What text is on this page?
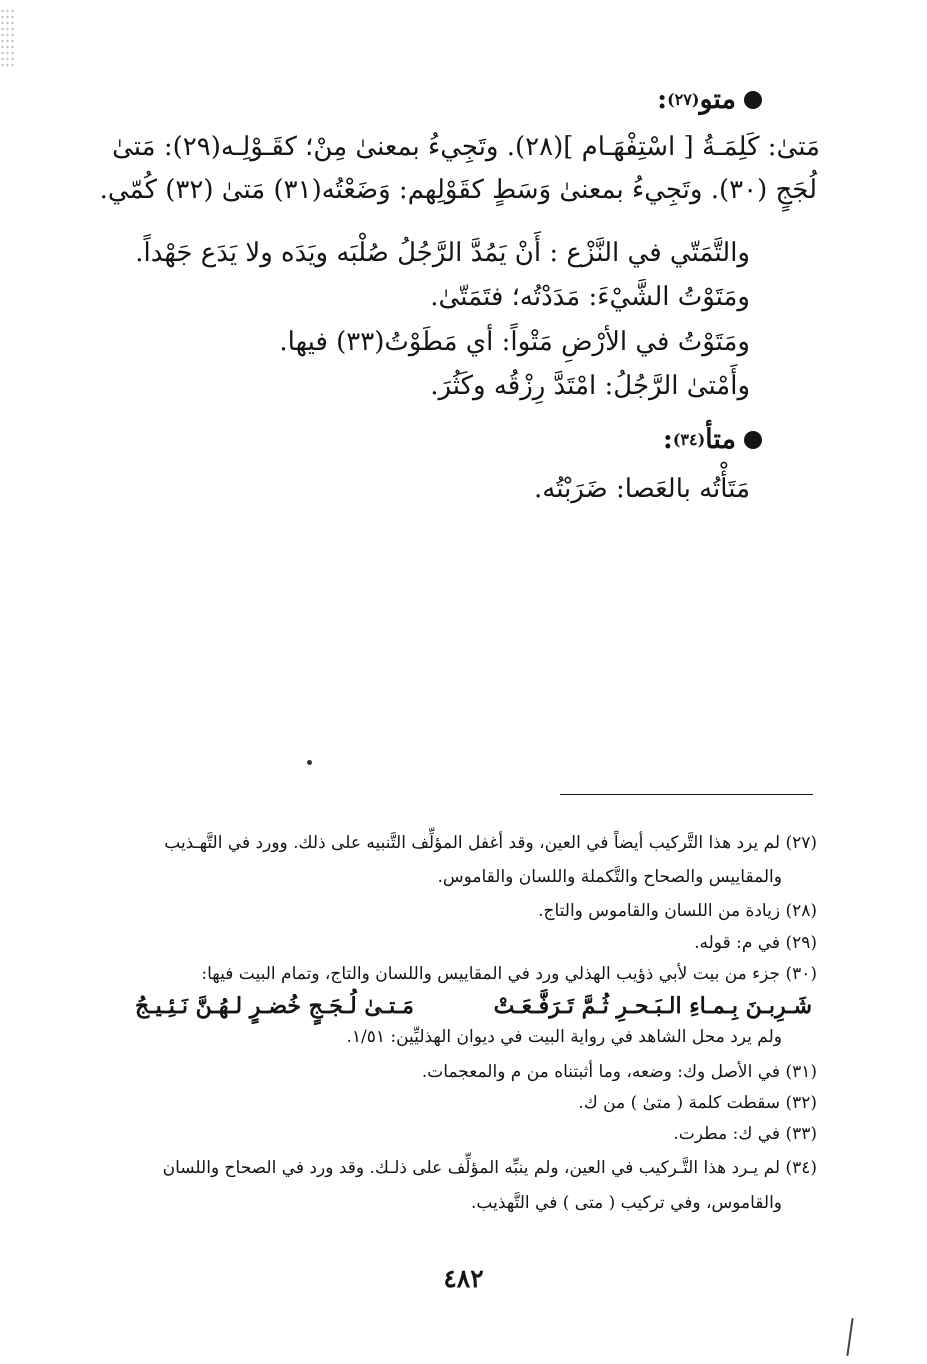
متو
(٢٧)
:
مَتىٰ: كَلِمَـةُ [ اسْتِفْهَـام ](٢٨). وتَجِيءُ بمعنىٰ مِنْ؛ كقَـوْلِـه(٢٩): مَتىٰ
لُجَجٍ (٣٠). وتَجِيءُ بمعنىٰ وَسَطٍ كقَوْلِهم: وَضَعْتُه(٣١) مَتىٰ (٣٢) كُمّي.
والتَّمَتّي في النَّزْع : أَنْ يَمُدَّ الرَّجُلُ صُلْبَه ويَدَه ولا يَدَع جَهْداً.
ومَتَوْتُ الشَّيْءَ: مَدَدْتُه؛ فتَمَتّىٰ.
ومَتَوْتُ في الأرْضِ مَتْواً: أي مَطَوْتُ(٣٣) فيها.
وأَمْتىٰ الرَّجُلُ: امْتَدَّ رِزْقُه وكَثُرَ.
متأ
(٣٤)
:
مَتَأْتُه بالعَصا: ضَرَبْتُه.
(٢٧) لم يرد هذا التَّركيب أيضاً في العين، وقد أغفل المؤلِّف التَّنبيه على ذلك. وورد في التَّهـذيب
والمقاييس والصحاح والتَّكملة واللسان والقاموس.
(٢٨) زيادة من اللسان والقاموس والتاج.
(٢٩) في م: قوله.
(٣٠) جزء من بيت لأبي ذؤيب الهذلي ورد في المقاييس واللسان والتاج، وتمام البيت فيها:
شَـرِبـنَ بِـمـاءِ الـبَـحـرِ ثُـمَّ تَـرَفَّـعَـتْ
مَـتـىٰ لُـجَـجٍ خُضـرٍ لـهُـنَّ نَـئِـيـجُ
ولم يرد محل الشاهد في رواية البيت في ديوان الهذليِّين: ١/٥١.
(٣١) في الأصل وك: وضعه، وما أثبتناه من م والمعجمات.
(٣٢) سقطت كلمة ( متىٰ ) من ك.
(٣٣) في ك: مطرت.
(٣٤) لم يـرد هذا التَّـركيب في العين، ولم ينبِّه المؤلِّف على ذلـك. وقد ورد في الصحاح واللسان
والقاموس، وفي تركيب ( متى ) في التَّهذيب.
٤٨٢
